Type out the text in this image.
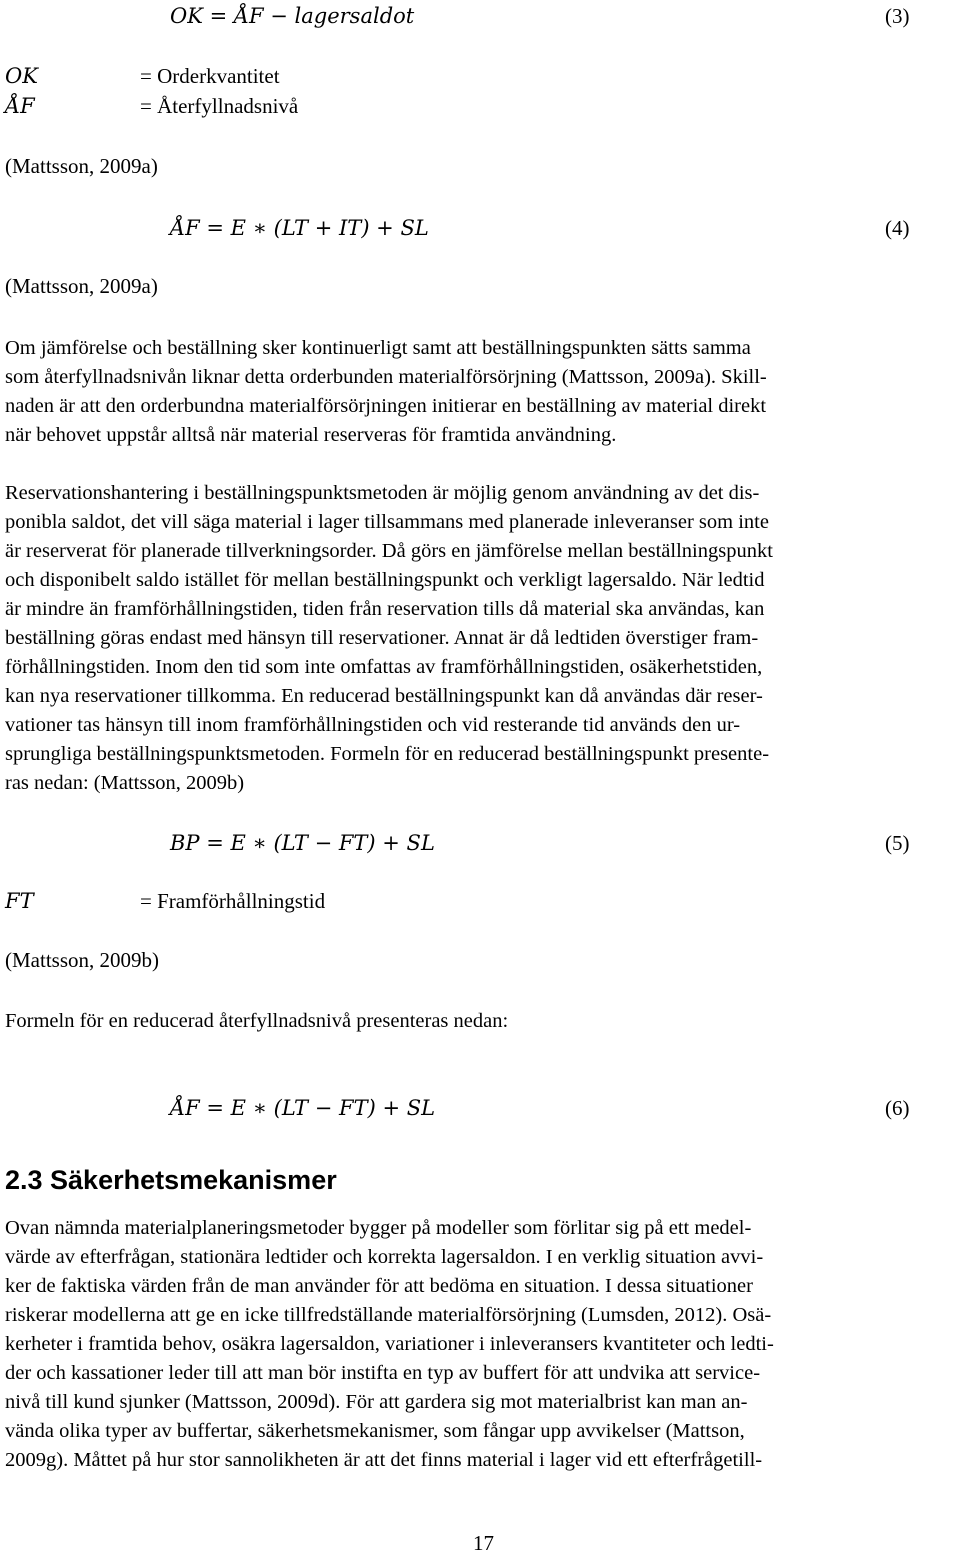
OK = ÅF − lagersaldot	(3)
OK	= Orderkvantitet
ÅF	= Återfyllnadsnivå
(Mattsson, 2009a)
ÅF = E ∗ (LT + IT) + SL	(4)
(Mattsson, 2009a)
Om jämförelse och beställning sker kontinuerligt samt att beställningspunkten sätts samma
som återfyllnadsnivån liknar detta orderbunden materialförsörjning (Mattsson, 2009a). Skill-
naden är att den orderbundna materialförsörjningen initierar en beställning av material direkt
när behovet uppstår alltså när material reserveras för framtida användning.
Reservationshantering i beställningspunktsmetoden är möjlig genom användning av det dis-
ponibla saldot, det vill säga material i lager tillsammans med planerade inleveranser som inte
är reserverat för planerade tillverkningsorder. Då görs en jämförelse mellan beställningspunkt
och disponibelt saldo istället för mellan beställningspunkt och verkligt lagersaldo. När ledtid
är mindre än framförhållningstiden, tiden från reservation tills då material ska användas, kan
beställning göras endast med hänsyn till reservationer. Annat är då ledtiden överstiger fram-
förhållningstiden. Inom den tid som inte omfattas av framförhållningstiden, osäkerhetstiden,
kan nya reservationer tillkomma. En reducerad beställningspunkt kan då användas där reser-
vationer tas hänsyn till inom framförhållningstiden och vid resterande tid används den ur-
sprungliga beställningspunktsmetoden. Formeln för en reducerad beställningspunkt presente-
ras nedan: (Mattsson, 2009b)
BP = E ∗ (LT − FT) + SL	(5)
FT	= Framförhållningstid
(Mattsson, 2009b)
Formeln för en reducerad återfyllnadsnivå presenteras nedan:
ÅF = E ∗ (LT − FT) + SL	(6)
2.3 Säkerhetsmekanismer
Ovan nämnda materialplaneringsmetoder bygger på modeller som förlitar sig på ett medel-
värde av efterfrågan, stationära ledtider och korrekta lagersaldon. I en verklig situation avvi-
ker de faktiska värden från de man använder för att bedöma en situation. I dessa situationer
riskerar modellerna att ge en icke tillfredställande materialförsörjning (Lumsden, 2012). Osä-
kerheter i framtida behov, osäkra lagersaldon, variationer i inleveransers kvantiteter och ledti-
der och kassationer leder till att man bör instifta en typ av buffert för att undvika att service-
nivå till kund sjunker (Mattsson, 2009d). För att gardera sig mot materialbrist kan man an-
vända olika typer av buffertar, säkerhetsmekanismer, som fångar upp avvikelser (Mattson,
2009g). Måttet på hur stor sannolikheten är att det finns material i lager vid ett efterfrågetill-
17
